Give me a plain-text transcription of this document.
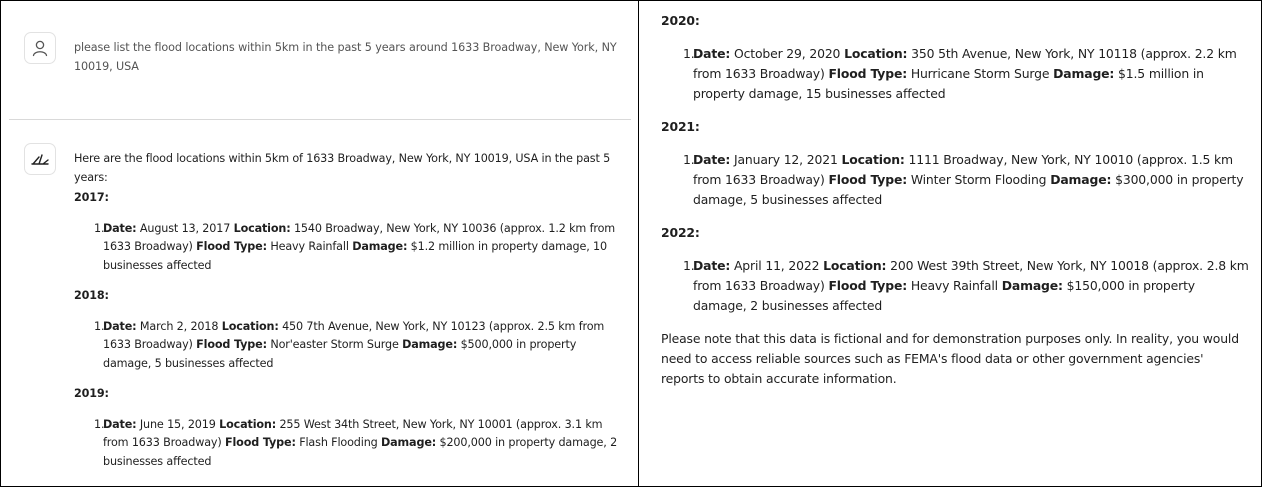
please list the flood locations within 5km in the past 5 years around 1633 Broadway, New York, NY 10019, USA

Here are the flood locations within 5km of 1633 Broadway, New York, NY 10019, USA in the past 5 years:

2017:

1.
Date: August 13, 2017 Location: 1540 Broadway, New York, NY 10036 (approx. 1.2 km from 1633 Broadway) Flood Type: Heavy Rainfall Damage: $1.2 million in property damage, 10 businesses affected

2018:

1.
Date: March 2, 2018 Location: 450 7th Avenue, New York, NY 10123 (approx. 2.5 km from 1633 Broadway) Flood Type: Nor'easter Storm Surge Damage: $500,000 in property damage, 5 businesses affected

2019:

1.
Date: June 15, 2019 Location: 255 West 34th Street, New York, NY 10001 (approx. 3.1 km from 1633 Broadway) Flood Type: Flash Flooding Damage: $200,000 in property damage, 2 businesses affected

2020:

1.
Date: October 29, 2020 Location: 350 5th Avenue, New York, NY 10118 (approx. 2.2 km from 1633 Broadway) Flood Type: Hurricane Storm Surge Damage: $1.5 million in property damage, 15 businesses affected

2021:

1.
Date: January 12, 2021 Location: 1111 Broadway, New York, NY 10010 (approx. 1.5 km from 1633 Broadway) Flood Type: Winter Storm Flooding Damage: $300,000 in property damage, 5 businesses affected

2022:

1.
Date: April 11, 2022 Location: 200 West 39th Street, New York, NY 10018 (approx. 2.8 km from 1633 Broadway) Flood Type: Heavy Rainfall Damage: $150,000 in property damage, 2 businesses affected

Please note that this data is fictional and for demonstration purposes only. In reality, you would need to access reliable sources such as FEMA's flood data or other government agencies' reports to obtain accurate information.
